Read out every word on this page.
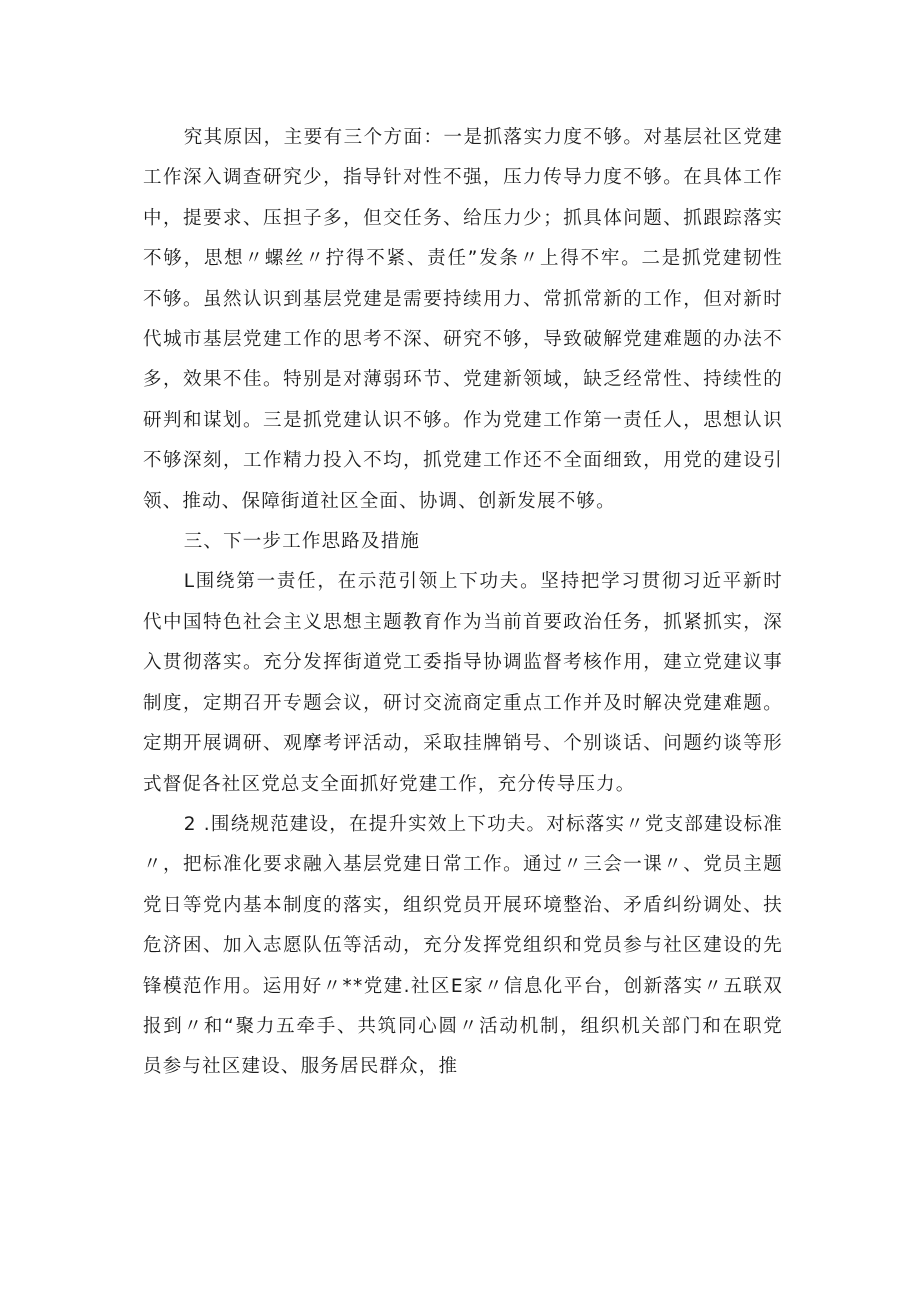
究其原因，主要有三个方面：一是抓落实力度不够。对基层社区党建工作深入调查研究少，指导针对性不强，压力传导力度不够。在具体工作中，提要求、压担子多，但交任务、给压力少；抓具体问题、抓跟踪落实不够，思想〃螺丝〃拧得不紧、责任”发条〃上得不牢。二是抓党建韧性不够。虽然认识到基层党建是需要持续用力、常抓常新的工作，但对新时代城市基层党建工作的思考不深、研究不够，导致破解党建难题的办法不多，效果不佳。特别是对薄弱环节、党建新领域，缺乏经常性、持续性的研判和谋划。三是抓党建认识不够。作为党建工作第一责任人，思想认识不够深刻，工作精力投入不均，抓党建工作还不全面细致，用党的建设引领、推动、保障街道社区全面、协调、创新发展不够。

三、下一步工作思路及措施

L围绕第一责任，在示范引领上下功夫。坚持把学习贯彻习近平新时代中国特色社会主义思想主题教育作为当前首要政治任务，抓紧抓实，深入贯彻落实。充分发挥街道党工委指导协调监督考核作用，建立党建议事制度，定期召开专题会议，研讨交流商定重点工作并及时解决党建难题。定期开展调研、观摩考评活动，采取挂牌销号、个别谈话、问题约谈等形式督促各社区党总支全面抓好党建工作，充分传导压力。

2 .围绕规范建设，在提升实效上下功夫。对标落实〃党支部建设标准〃，把标准化要求融入基层党建日常工作。通过〃三会一课〃、党员主题党日等党内基本制度的落实，组织党员开展环境整治、矛盾纠纷调处、扶危济困、加入志愿队伍等活动，充分发挥党组织和党员参与社区建设的先锋模范作用。运用好〃**党建.社区E家〃信息化平台，创新落实〃五联双报到〃和“聚力五牵手、共筑同心圆〃活动机制，组织机关部门和在职党员参与社区建设、服务居民群众，推
